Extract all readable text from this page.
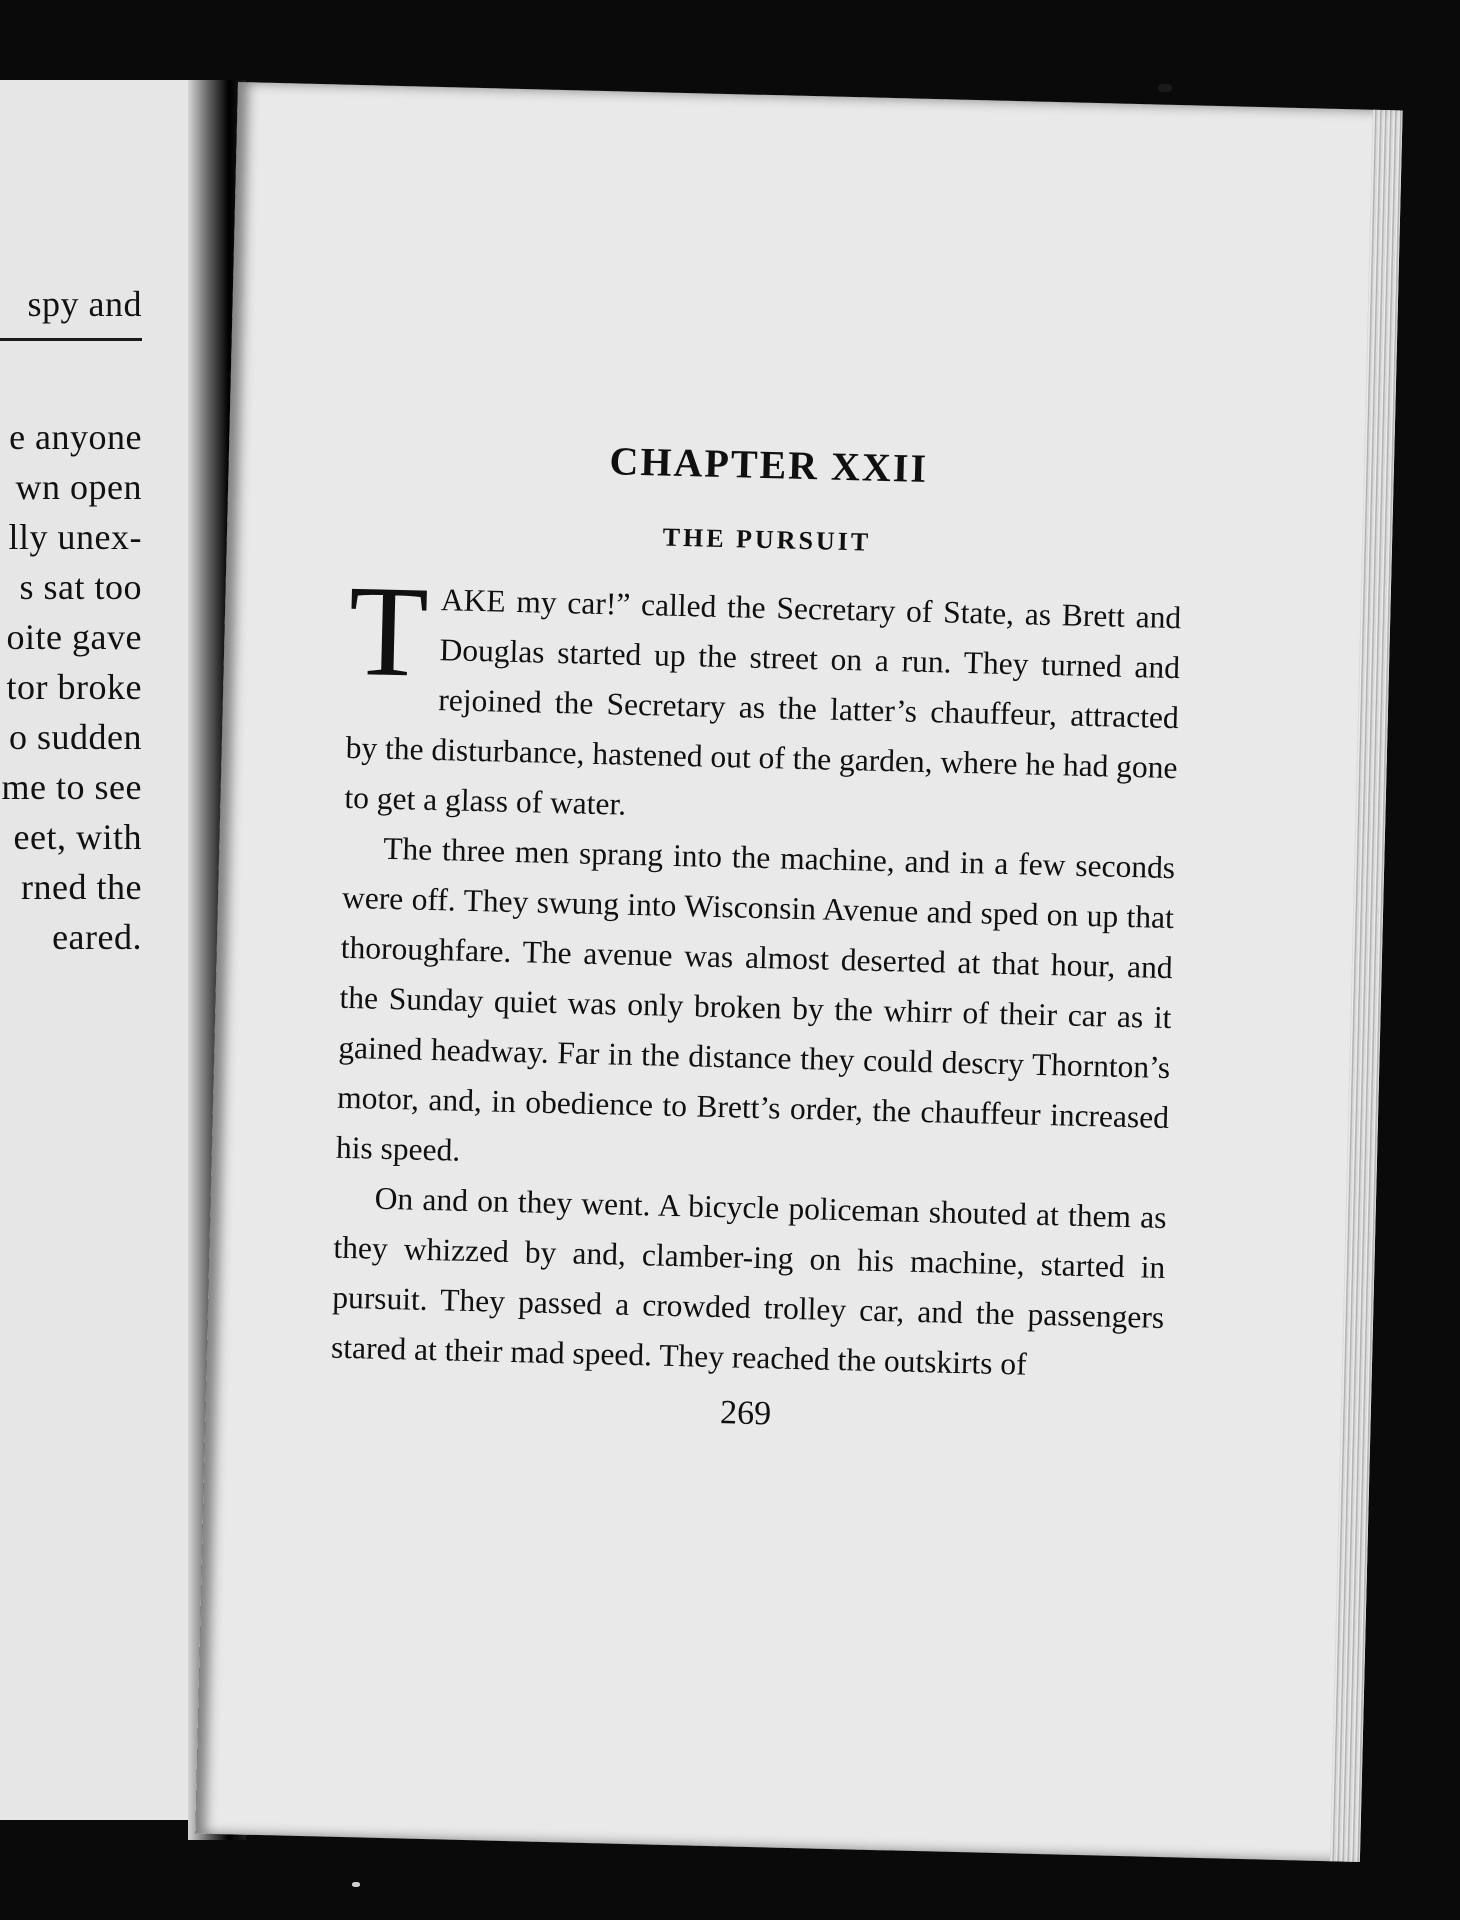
spy and
e anyone
wn open
lly unex-
s sat too
oite gave
tor broke
o sudden
me to see
eet, with
rned the
eared.
CHAPTER XXII
THE PURSUIT

TAKE my car!” called the Secretary of State, as Brett and Douglas started up the street on a run. They turned and rejoined the Secretary as the latter’s chauffeur, attracted by the disturbance, hastened out of the garden, where he had gone to get a glass of water.

The three men sprang into the machine, and in a few seconds were off. They swung into Wisconsin Avenue and sped on up that thoroughfare. The avenue was almost deserted at that hour, and the Sunday quiet was only broken by the whirr of their car as it gained headway. Far in the distance they could descry Thornton’s motor, and, in obedience to Brett’s order, the chauffeur increased his speed.

On and on they went. A bicycle policeman shouted at them as they whizzed by and, clamber-ing on his machine, started in pursuit. They passed a crowded trolley car, and the passengers stared at their mad speed. They reached the outskirts of

269
